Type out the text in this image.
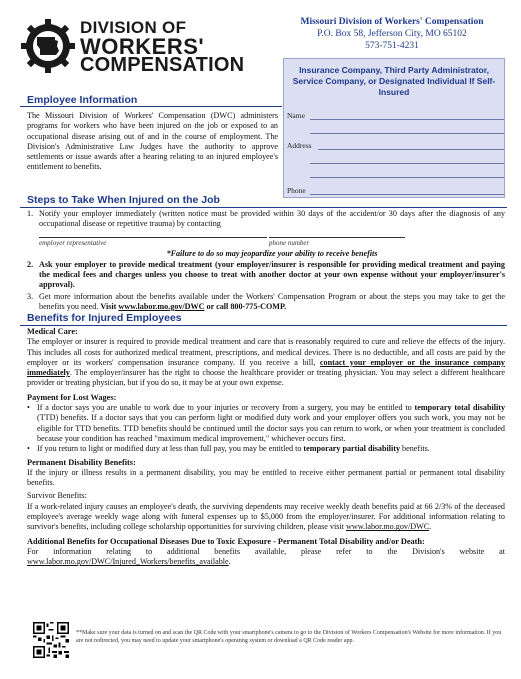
DIVISION OF
WORKERS'
COMPENSATION
Missouri Division of Workers' Compensation
P.O. Box 58, Jefferson City, MO 65102
573-751-4231
Insurance Company, Third Party Administrator, Service Company, or Designated Individual If Self-Insured
Name
Address
Phone
Employee Information
The Missouri Division of Workers' Compensation (DWC) administers programs for workers who have been injured on the job or exposed to an occupational disease arising out of and in the course of employment. The Division's Administrative Law Judges have the authority to approve settlements or issue awards after a hearing relating to an injured employee's entitlement to benefits.
Steps to Take When Injured on the Job
1. Notify your employer immediately (written notice must be provided within 30 days of the accident/or 30 days after the diagnosis of any occupational disease or repetitive trauma) by contacting
employer representative	phone number
*Failure to do so may jeopardize your ability to receive benefits
2. Ask your employer to provide medical treatment (your employer/insurer is responsible for providing medical treatment and paying the medical fees and charges unless you choose to treat with another doctor at your own expense without your employer/insurer's approval).
3. Get more information about the benefits available under the Workers' Compensation Program or about the steps you may take to get the benefits you need. Visit www.labor.mo.gov/DWC or call 800-775-COMP.
Benefits for Injured Employees
Medical Care:
The employer or insurer is required to provide medical treatment and care that is reasonably required to cure and relieve the effects of the injury. This includes all costs for authorized medical treatment, prescriptions, and medical devices. There is no deductible, and all costs are paid by the employer or its workers' compensation insurance company. If you receive a bill, contact your employer or the insurance company immediately. The employer/insurer has the right to choose the healthcare provider or treating physician. You may select a different healthcare provider or treating physician, but if you do so, it may be at your own expense.
Payment for Lost Wages:
• If a doctor says you are unable to work due to your injuries or recovery from a surgery, you may be entitled to temporary total disability (TTD) benefits. If a doctor says that you can perform light or modified duty work and your employer offers you such work, you may not be eligible for TTD benefits. TTD benefits should be continued until the doctor says you can return to work, or when your treatment is concluded because your condition has reached "maximum medical improvement," whichever occurs first.
• If you return to light or modified duty at less than full pay, you may be entitled to temporary partial disability benefits.
Permanent Disability Benefits:
If the injury or illness results in a permanent disability, you may be entitled to receive either permanent partial or permanent total disability benefits.
Survivor Benefits:
If a work-related injury causes an employee's death, the surviving dependents may receive weekly death benefits paid at 66 2/3% of the deceased employee's average weekly wage along with funeral expenses up to $5,000 from the employer/insurer. For additional information relating to survivor's benefits, including college scholarship opportunities for surviving children, please visit www.labor.mo.gov/DWC.
Additional Benefits for Occupational Diseases Due to Toxic Exposure - Permanent Total Disability and/or Death:
For information relating to additional benefits available, please refer to the Division's website at www.labor.mo.gov/DWC/Injured_Workers/benefits_available.
**Make sure your data is turned on and scan the QR Code with your smartphone's camera to go to the Division of Workers Compensation's Website for more information. If you are not redirected, you may need to update your smartphone's operating system or download a QR Code reader app.
